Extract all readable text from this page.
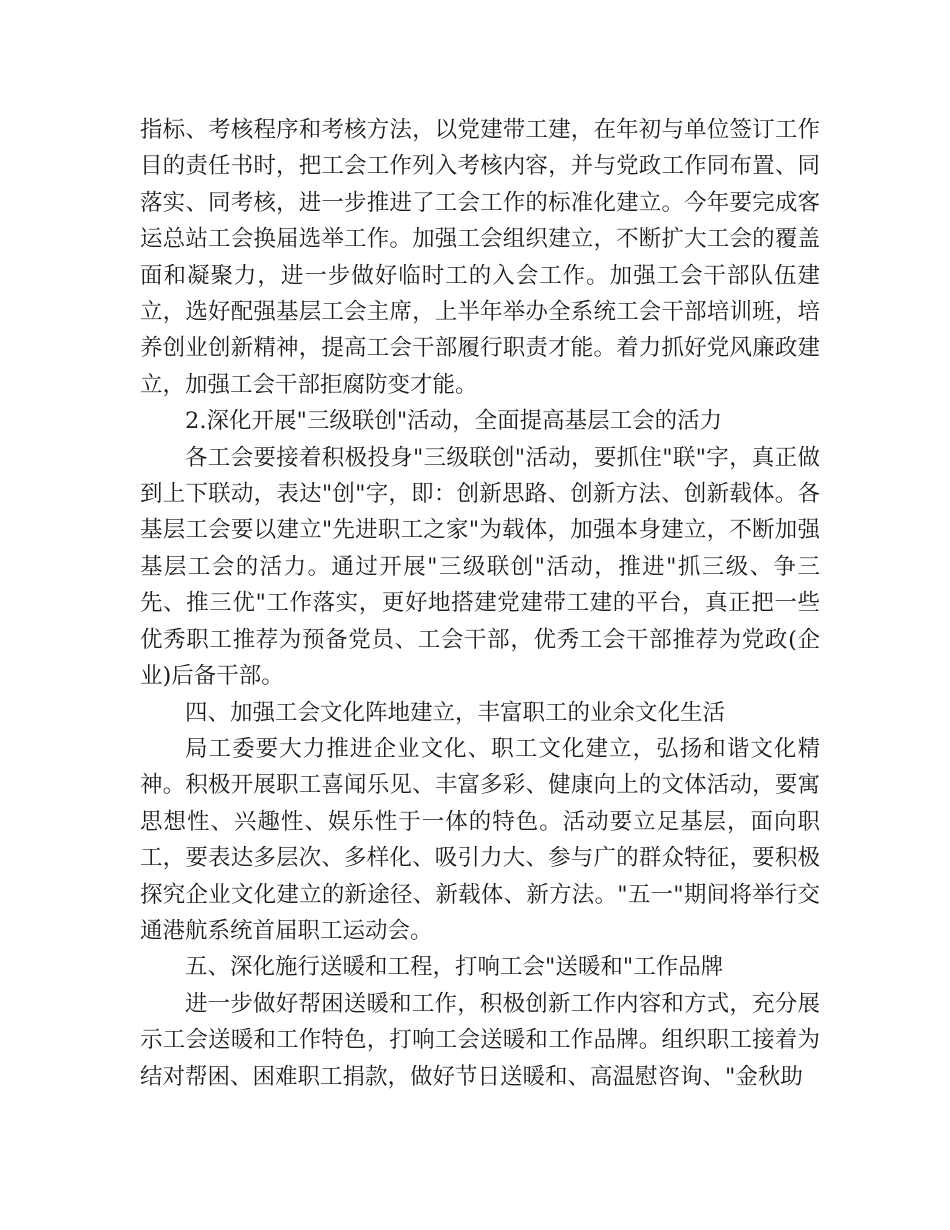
指标、考核程序和考核方法，以党建带工建，在年初与单位签订工作目的责任书时，把工会工作列入考核内容，并与党政工作同布置、同落实、同考核，进一步推进了工会工作的标准化建立。今年要完成客运总站工会换届选举工作。加强工会组织建立，不断扩大工会的覆盖面和凝聚力，进一步做好临时工的入会工作。加强工会干部队伍建立，选好配强基层工会主席，上半年举办全系统工会干部培训班，培养创业创新精神，提高工会干部履行职责才能。着力抓好党风廉政建立，加强工会干部拒腐防变才能。

2.深化开展"三级联创"活动，全面提高基层工会的活力

各工会要接着积极投身"三级联创"活动，要抓住"联"字，真正做到上下联动，表达"创"字，即：创新思路、创新方法、创新载体。各基层工会要以建立"先进职工之家"为载体，加强本身建立，不断加强基层工会的活力。通过开展"三级联创"活动，推进"抓三级、争三先、推三优"工作落实，更好地搭建党建带工建的平台，真正把一些优秀职工推荐为预备党员、工会干部，优秀工会干部推荐为党政(企业)后备干部。

四、加强工会文化阵地建立，丰富职工的业余文化生活

局工委要大力推进企业文化、职工文化建立，弘扬和谐文化精神。积极开展职工喜闻乐见、丰富多彩、健康向上的文体活动，要寓思想性、兴趣性、娱乐性于一体的特色。活动要立足基层，面向职工，要表达多层次、多样化、吸引力大、参与广的群众特征，要积极探究企业文化建立的新途径、新载体、新方法。"五一"期间将举行交通港航系统首届职工运动会。

五、深化施行送暖和工程，打响工会"送暖和"工作品牌

进一步做好帮困送暖和工作，积极创新工作内容和方式，充分展示工会送暖和工作特色，打响工会送暖和工作品牌。组织职工接着为结对帮困、困难职工捐款，做好节日送暖和、高温慰咨询、"金秋助
